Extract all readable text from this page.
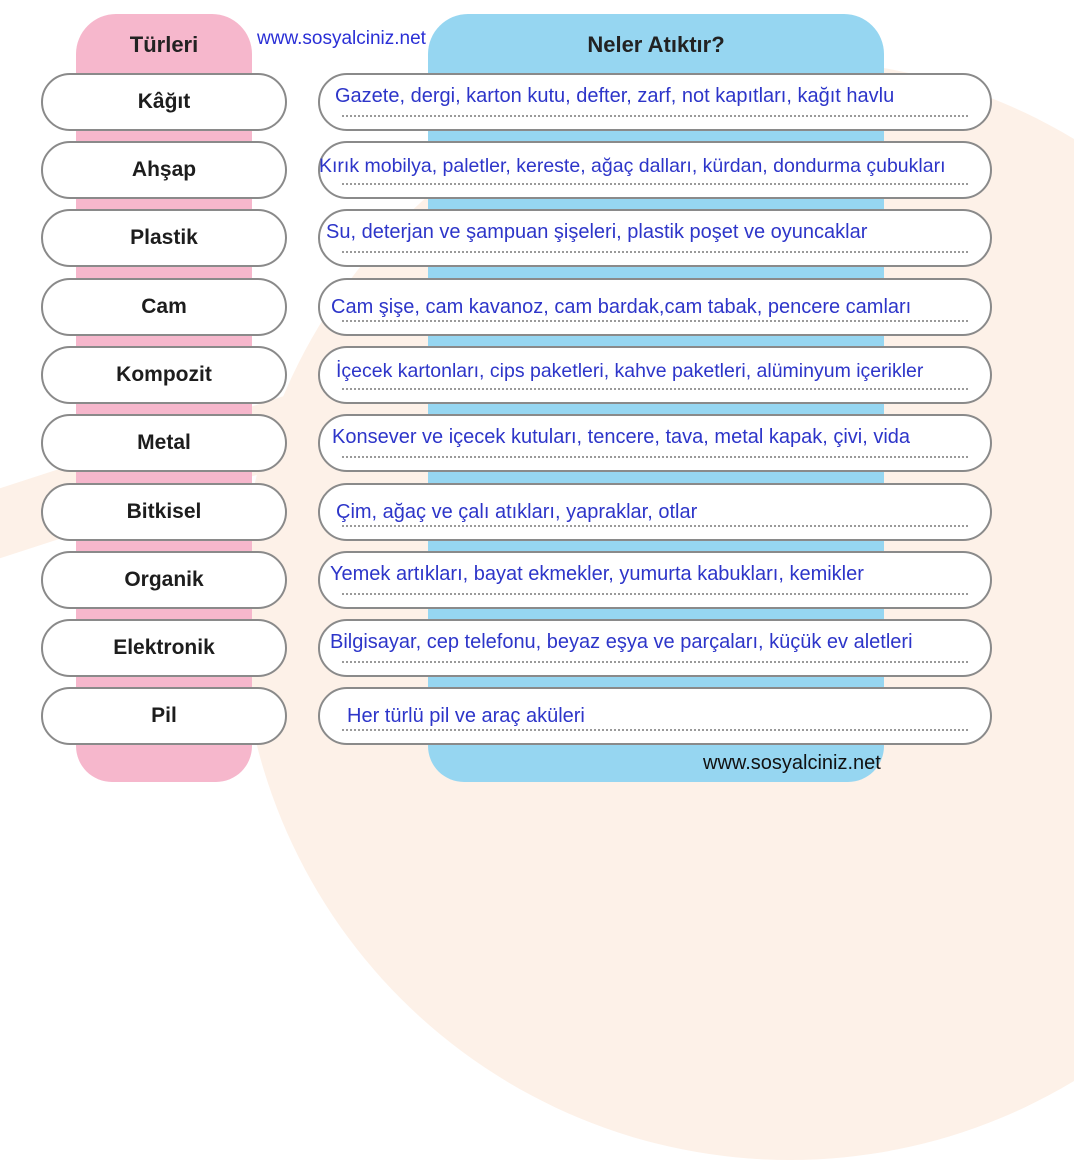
Türleri	Neler Atıktır?
www.sosyalciniz.net
Kâğıt	Gazete, dergi, karton kutu, defter, zarf, not kapıtları, kağıt havlu
Ahşap	Kırık mobilya, paletler, kereste, ağaç dalları, kürdan, dondurma çubukları
Plastik	Su, deterjan ve şampuan şişeleri, plastik poşet ve oyuncaklar
Cam	Cam şişe, cam kavanoz, cam bardak,cam tabak, pencere camları
Kompozit	İçecek kartonları, cips paketleri, kahve paketleri, alüminyum içerikler
Metal	Konsever ve içecek kutuları, tencere, tava, metal kapak, çivi, vida
Bitkisel	Çim, ağaç ve çalı atıkları, yapraklar, otlar
Organik	Yemek artıkları, bayat ekmekler, yumurta kabukları, kemikler
Elektronik	Bilgisayar, cep telefonu, beyaz eşya ve parçaları, küçük ev aletleri
Pil	Her türlü pil ve araç aküleri
www.sosyalciniz.net
